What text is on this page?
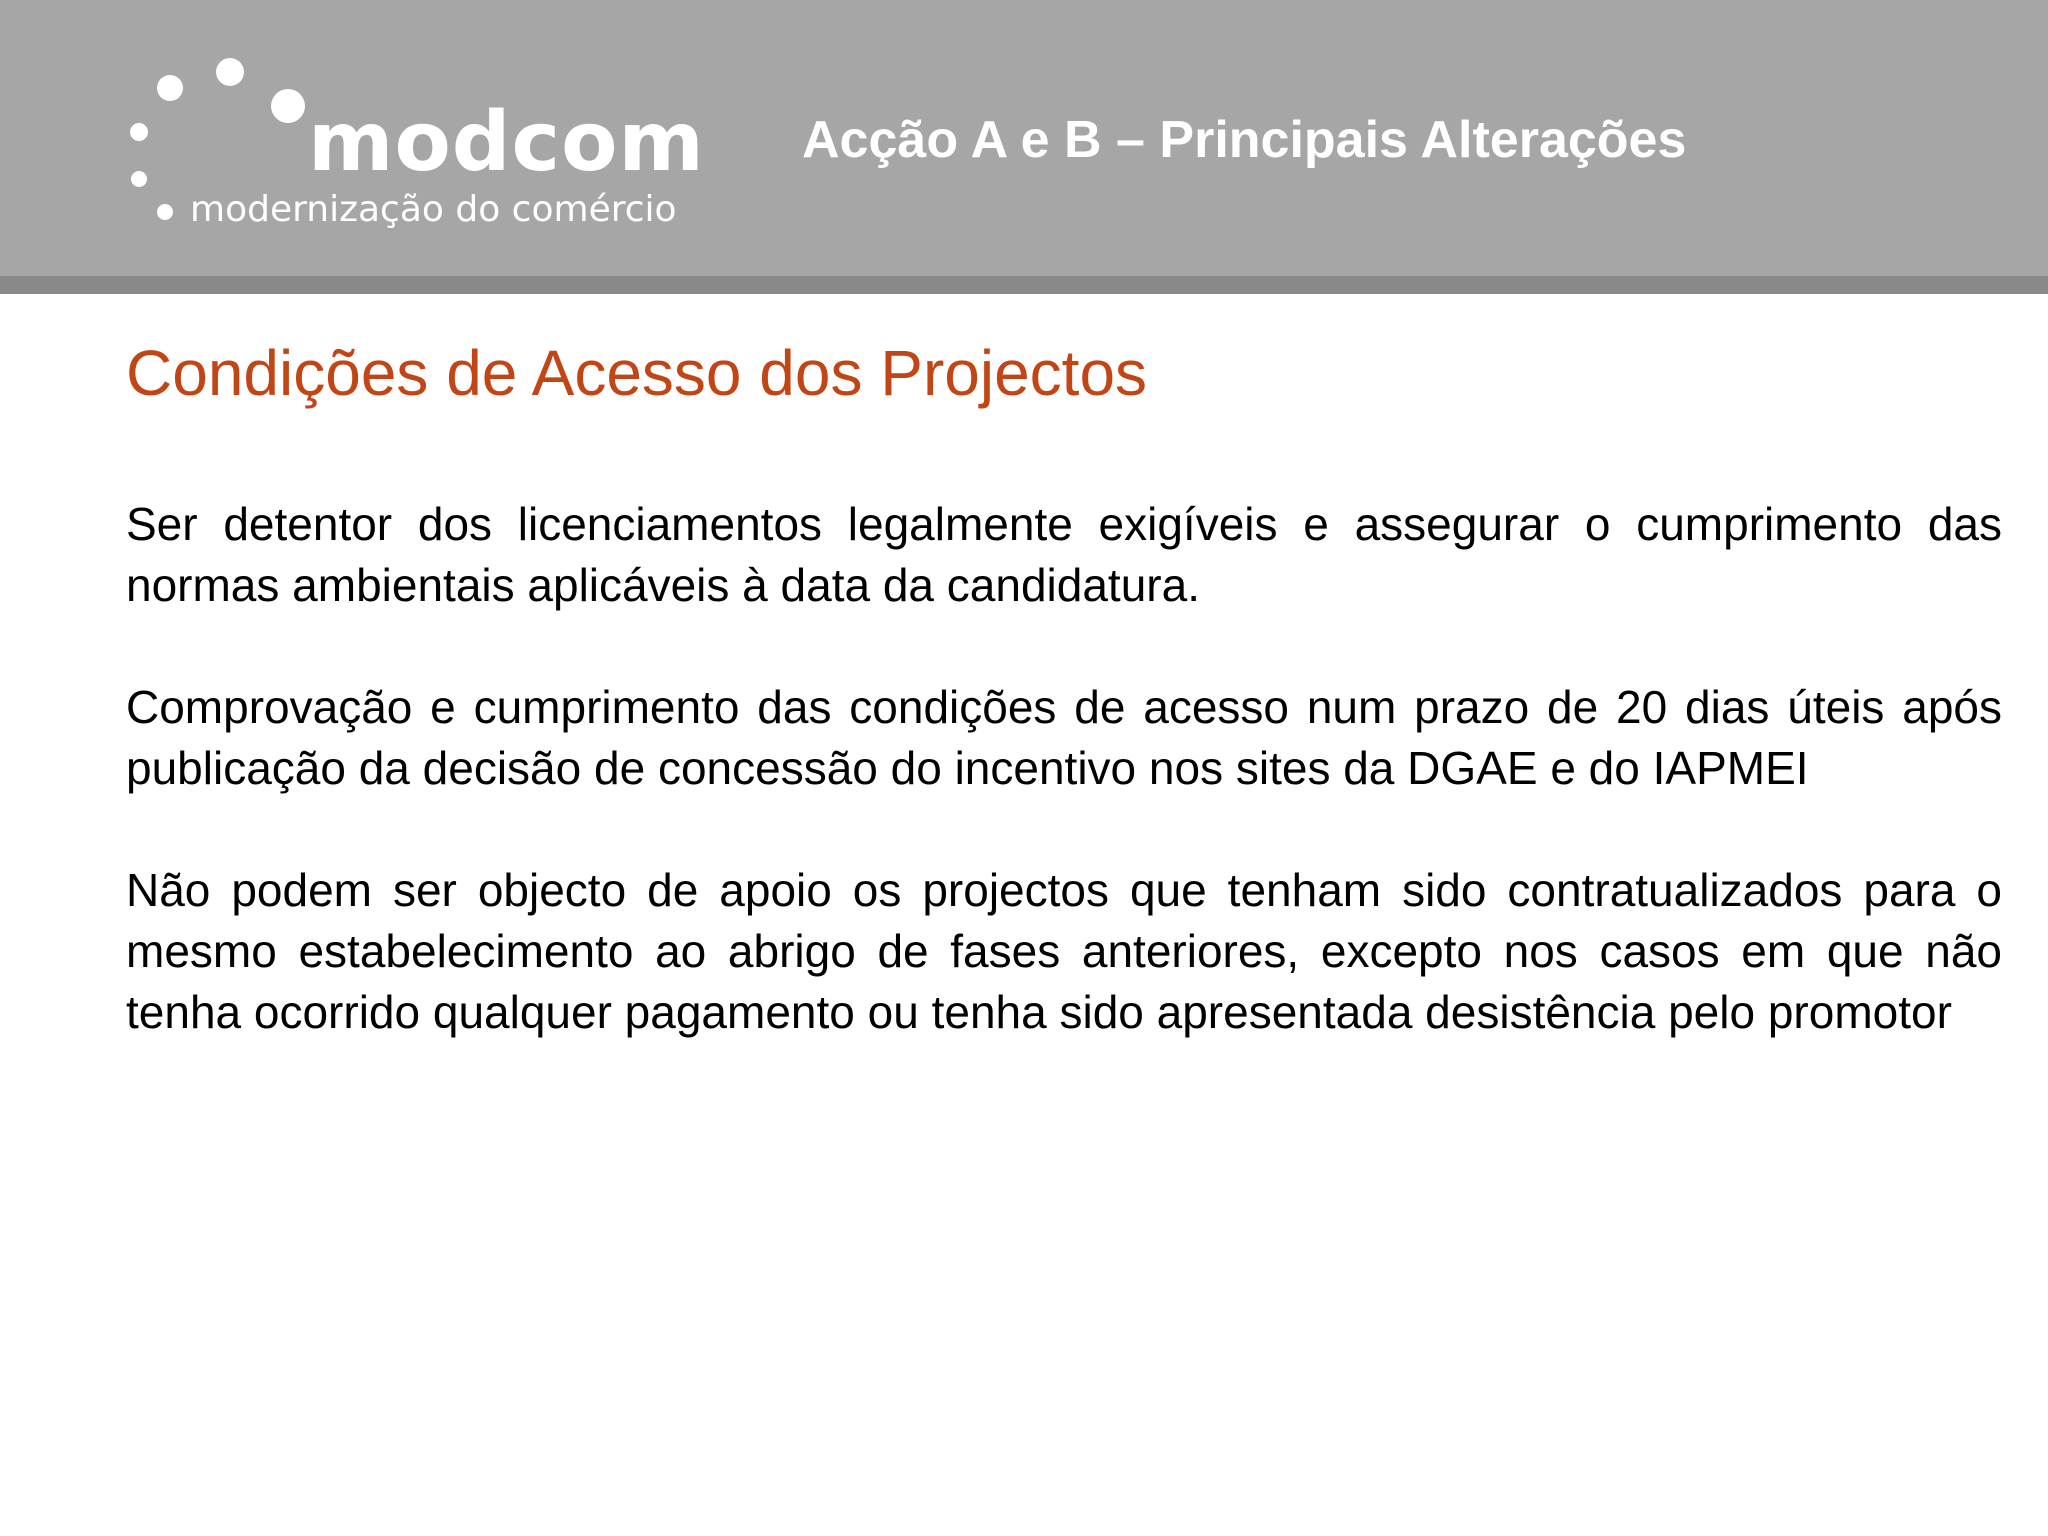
modcom
modernização do comércio
Acção A e B – Principais Alterações
Condições de Acesso dos Projectos

Ser detentor dos licenciamentos legalmente exigíveis e assegurar o cumprimento das normas ambientais aplicáveis à data da candidatura.

Comprovação e cumprimento das condições de acesso num prazo de 20 dias úteis após publicação da decisão de concessão do incentivo nos sites da DGAE e do IAPMEI

Não podem ser objecto de apoio os projectos que tenham sido contratualizados para o mesmo estabelecimento ao abrigo de fases anteriores, excepto nos casos em que não tenha ocorrido qualquer pagamento ou tenha sido apresentada desistência pelo promotor
